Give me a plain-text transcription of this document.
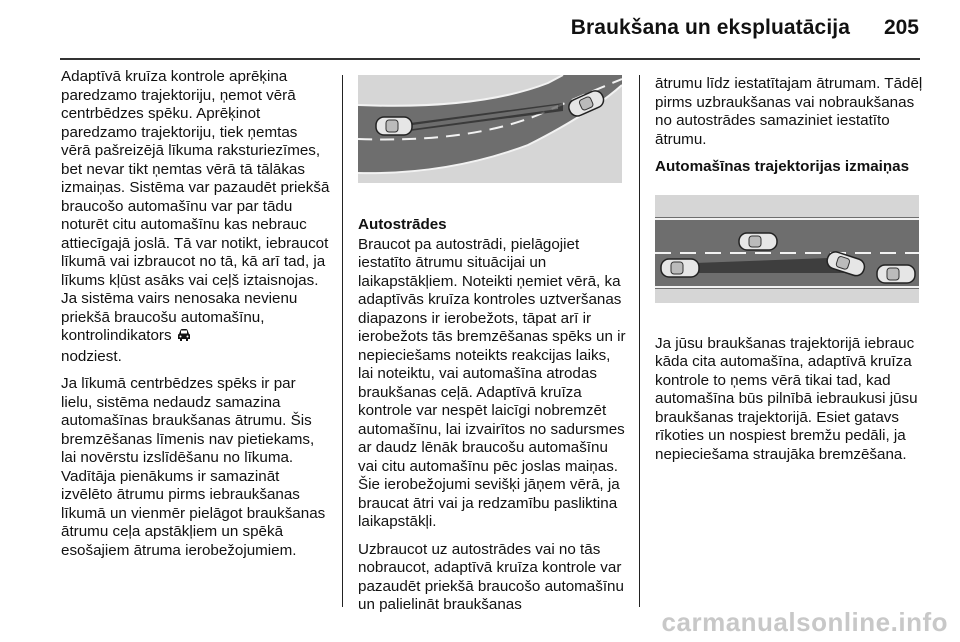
Braukšana un ekspluatācija 205

Adaptīvā kruīza kontrole aprēķina paredzamo trajektoriju, ņemot vērā centrbēdzes spēku. Aprēķinot paredzamo trajektoriju, tiek ņemtas vērā pašreizējā līkuma raksturiezīmes, bet nevar tikt ņemtas vērā tā tālākas izmaiņas. Sistēma var pazaudēt priekšā braucošo automašīnu var par tādu noturēt citu automašīnu kas nebrauc attiecīgajā joslā. Tā var notikt, iebraucot līkumā vai izbraucot no tā, kā arī tad, ja līkums kļūst asāks vai ceļš iztaisnojas. Ja sistēma vairs nenosaka nevienu priekšā braucošu automašīnu, kontrolindikators
nodziest.

Ja līkumā centrbēdzes spēks ir par lielu, sistēma nedaudz samazina automašīnas braukšanas ātrumu. Šis bremzēšanas līmenis nav pietiekams, lai novērstu izslīdēšanu no līkuma. Vadītāja pienākums ir samazināt izvēlēto ātrumu pirms iebraukšanas līkumā un vienmēr pielāgot braukšanas ātrumu ceļa apstākļiem un spēkā esošajiem ātruma ierobežojumiem.

Autostrādes

Braucot pa autostrādi, pielāgojiet iestatīto ātrumu situācijai un laikapstākļiem. Noteikti ņemiet vērā, ka adaptīvās kruīza kontroles uztveršanas diapazons ir ierobežots, tāpat arī ir ierobežots tās bremzēšanas spēks un ir nepieciešams noteikts reakcijas laiks, lai noteiktu, vai automašīna atrodas braukšanas ceļā. Adaptīvā kruīza kontrole var nespēt laicīgi nobremzēt automašīnu, lai izvairītos no sadursmes ar daudz lēnāk braucošu automašīnu vai citu automašīnu pēc joslas maiņas. Šie ierobežojumi sevišķi jāņem vērā, ja braucat ātri vai ja redzamību pasliktina laikapstākļi.

Uzbraucot uz autostrādes vai no tās nobraucot, adaptīvā kruīza kontrole var pazaudēt priekšā braucošo automašīnu un palielināt braukšanas

ātrumu līdz iestatītajam ātrumam. Tādēļ pirms uzbraukšanas vai nobraukšanas no autostrādes samaziniet iestatīto ātrumu.

Automašīnas trajektorijas izmaiņas

Ja jūsu braukšanas trajektorijā iebrauc kāda cita automašīna, adaptīvā kruīza kontrole to ņems vērā tikai tad, kad automašīna būs pilnībā iebraukusi jūsu braukšanas trajektorijā. Esiet gatavs rīkoties un nospiest bremžu pedāli, ja nepieciešama straujāka bremzēšana.

carmanualsonline.info
